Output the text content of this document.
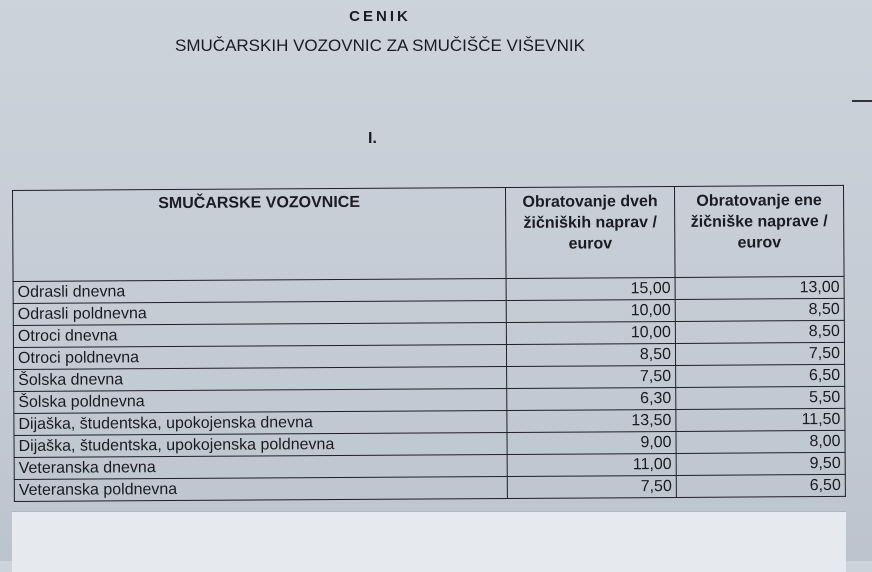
CENIK
SMUČARSKIH VOZOVNIC ZA SMUČIŠČE VIŠEVNIK
I.
SMUČARSKE VOZOVNICE	Obratovanje dveh žičniških naprav / eurov	Obratovanje ene žičniške naprave / eurov
Odrasli dnevna	15,00	13,00
Odrasli poldnevna	10,00	8,50
Otroci dnevna	10,00	8,50
Otroci poldnevna	8,50	7,50
Šolska dnevna	7,50	6,50
Šolska poldnevna	6,30	5,50
Dijaška, študentska, upokojenska dnevna	13,50	11,50
Dijaška, študentska, upokojenska poldnevna	9,00	8,00
Veteranska dnevna	11,00	9,50
Veteranska poldnevna	7,50	6,50
